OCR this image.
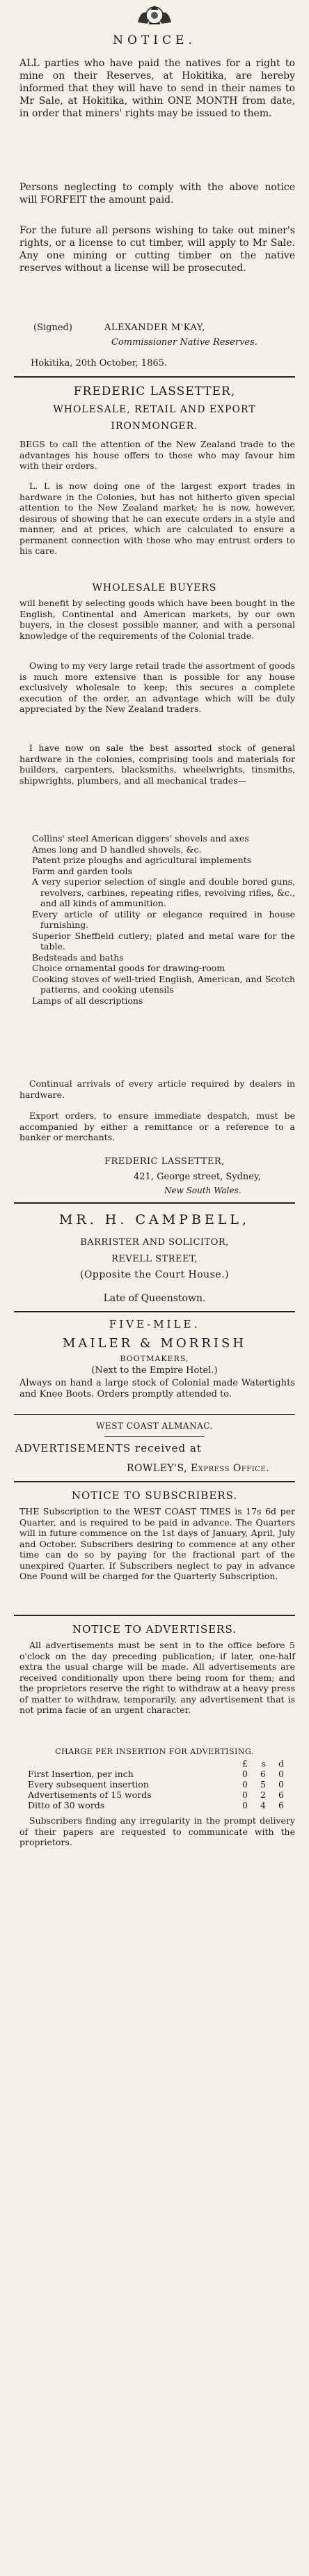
NOTICE.
ALL parties who have paid the natives for a right to mine on their Reserves, at Hokitika, are hereby informed that they will have to send in their names to Mr Sale, at Hokitika, within ONE MONTH from date, in order that miners' rights may be issued to them.
Persons neglecting to comply with the above notice will FORFEIT the amount paid.
For the future all persons wishing to take out miner's rights, or a license to cut timber, will apply to Mr Sale. Any one mining or cutting timber on the native reserves without a license will be prosecuted.
(Signed)	ALEXANDER M'KAY,
Commissioner Native Reserves.
Hokitika, 20th October, 1865.
FREDERIC LASSETTER,
WHOLESALE, RETAIL AND EXPORT
IRONMONGER.
BEGS to call the attention of the New Zealand trade to the advantages his house offers to those who may favour him with their orders.
L. L is now doing one of the largest export trades in hardware in the Colonies, but has not hitherto given special attention to the New Zealand market; he is now, however, desirous of showing that he can execute orders in a style and manner, and at prices, which are calculated to ensure a permanent connection with those who may entrust orders to his care.
WHOLESALE BUYERS
will benefit by selecting goods which have been bought in the English, Continental and American markets, by our own buyers, in the closest possible manner, and with a personal knowledge of the requirements of the Colonial trade.
Owing to my very large retail trade the assortment of goods is much more extensive than is possible for any house exclusively wholesale to keep; this secures a complete execution of the order, an advantage which will be duly appreciated by the New Zealand traders.
I have now on sale the best assorted stock of general hardware in the colonies, comprising tools and materials for builders, carpenters, blacksmiths, wheelwrights, tinsmiths, shipwrights, plumbers, and all mechanical trades—
Collins' steel American diggers' shovels and axes
Ames long and D handled shovels, &c.
Patent prize ploughs and agricultural implements
Farm and garden tools
A very superior selection of single and double bored guns, revolvers, carbines, repeating rifles, revolving rifles, &c., and all kinds of ammunition.
Every article of utility or elegance required in house furnishing.
Superior Sheffield cutlery; plated and metal ware for the table.
Bedsteads and baths
Choice ornamental goods for drawing-room
Cooking stoves of well-tried English, American, and Scotch patterns, and cooking utensils
Lamps of all descriptions
Continual arrivals of every article required by dealers in hardware.
Export orders, to ensure immediate despatch, must be accompanied by either a remittance or a reference to a banker or merchants.
FREDERIC LASSETTER,
421, George street, Sydney,
New South Wales.
MR. H. CAMPBELL,
BARRISTER AND SOLICITOR,
REVELL STREET,
(Opposite the Court House.)
Late of Queenstown.
FIVE-MILE.
MAILER & MORRISH
BOOTMAKERS,
(Next to the Empire Hotel.)
Always on hand a large stock of Colonial made Watertights and Knee Boots. Orders promptly attended to.
WEST COAST ALMANAC.
ADVERTISEMENTS received at
ROWLEY'S, Express Office.
NOTICE TO SUBSCRIBERS.
THE Subscription to the WEST COAST TIMES is 17s 6d per Quarter, and is required to be paid in advance. The Quarters will in future commence on the 1st days of January, April, July and October. Subscribers desiring to commence at any other time can do so by paying for the fractional part of the unexpired Quarter. If Subscribers neglect to pay in advance One Pound will be charged for the Quarterly Subscription.
NOTICE TO ADVERTISERS.
All advertisements must be sent in to the office before 5 o'clock on the day preceding publication; if later, one-half extra the usual charge will be made. All advertisements are received conditionally upon there being room for them; and the proprietors reserve the right to withdraw at a heavy press of matter to withdraw, temporarily, any advertisement that is not prima facie of an urgent character.
CHARGE PER INSERTION FOR ADVERTISING.
£	s	d
First Insertion, per inch	0	6	0
Every subsequent insertion	0	5	0
Advertisements of 15 words	0	2	6
Ditto of 30 words	0	4	6
Subscribers finding any irregularity in the prompt delivery of their papers are requested to communicate with the proprietors.
